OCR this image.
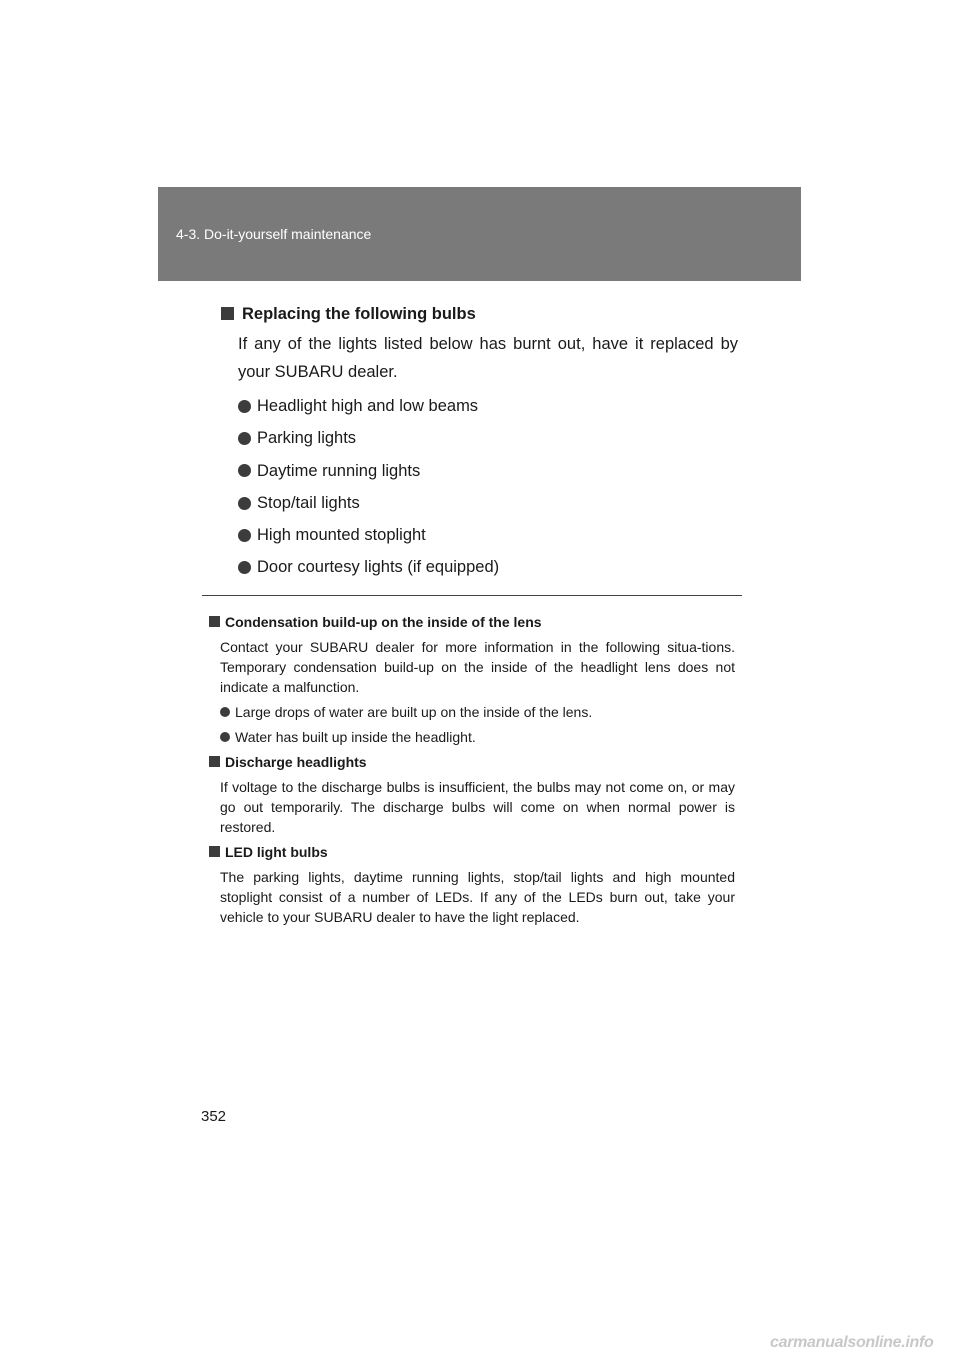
4-3. Do-it-yourself maintenance
Replacing the following bulbs
If any of the lights listed below has burnt out, have it replaced by your SUBARU dealer.
Headlight high and low beams
Parking lights
Daytime running lights
Stop/tail lights
High mounted stoplight
Door courtesy lights (if equipped)
Condensation build-up on the inside of the lens
Contact your SUBARU dealer for more information in the following situa-tions. Temporary condensation build-up on the inside of the headlight lens does not indicate a malfunction.
Large drops of water are built up on the inside of the lens.
Water has built up inside the headlight.
Discharge headlights
If voltage to the discharge bulbs is insufficient, the bulbs may not come on, or may go out temporarily. The discharge bulbs will come on when normal power is restored.
LED light bulbs
The parking lights, daytime running lights, stop/tail lights and high mounted stoplight consist of a number of LEDs. If any of the LEDs burn out, take your vehicle to your SUBARU dealer to have the light replaced.
352
carmanualsonline.info
